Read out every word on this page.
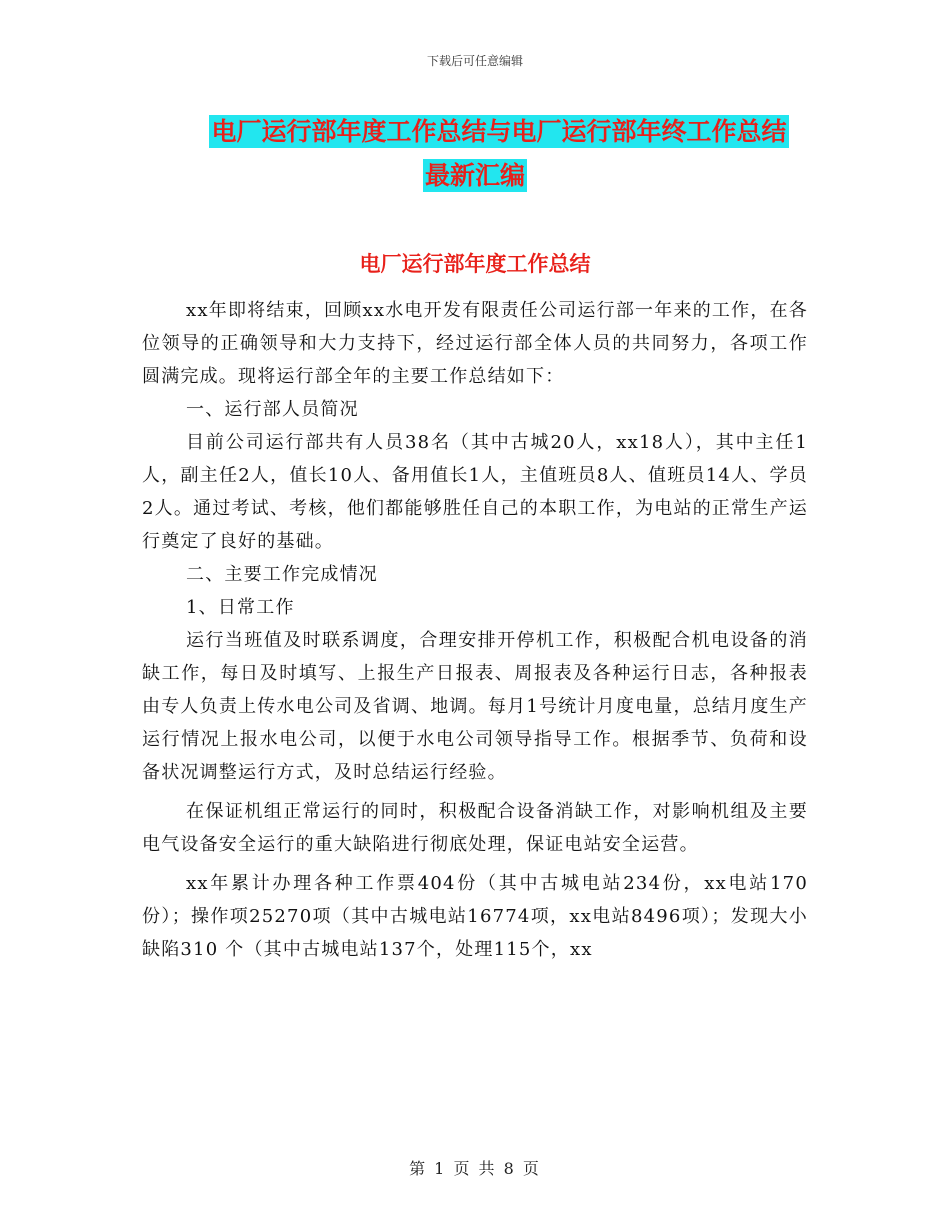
下载后可任意编辑
电厂运行部年度工作总结与电厂运行部年终工作总结
最新汇编
电厂运行部年度工作总结

xx年即将结束，回顾xx水电开发有限责任公司运行部一年来的工作，在各位领导的正确领导和大力支持下，经过运行部全体人员的共同努力，各项工作圆满完成。现将运行部全年的主要工作总结如下：

一、运行部人员简况

目前公司运行部共有人员38名（其中古城20人，xx18人），其中主任1人，副主任2人，值长10人、备用值长1人，主值班员8人、值班员14人、学员2人。通过考试、考核，他们都能够胜任自己的本职工作，为电站的正常生产运行奠定了良好的基础。

二、主要工作完成情况

1、日常工作

运行当班值及时联系调度，合理安排开停机工作，积极配合机电设备的消缺工作，每日及时填写、上报生产日报表、周报表及各种运行日志，各种报表由专人负责上传水电公司及省调、地调。每月1号统计月度电量，总结月度生产运行情况上报水电公司，以便于水电公司领导指导工作。根据季节、负荷和设备状况调整运行方式，及时总结运行经验。

在保证机组正常运行的同时，积极配合设备消缺工作，对影响机组及主要电气设备安全运行的重大缺陷进行彻底处理，保证电站安全运营。

xx年累计办理各种工作票404份（其中古城电站234份，xx电站170份）；操作项25270项（其中古城电站16774项，xx电站8496项）；发现大小缺陷310 个（其中古城电站137个，处理115个，xx

第 1 页 共 8 页
